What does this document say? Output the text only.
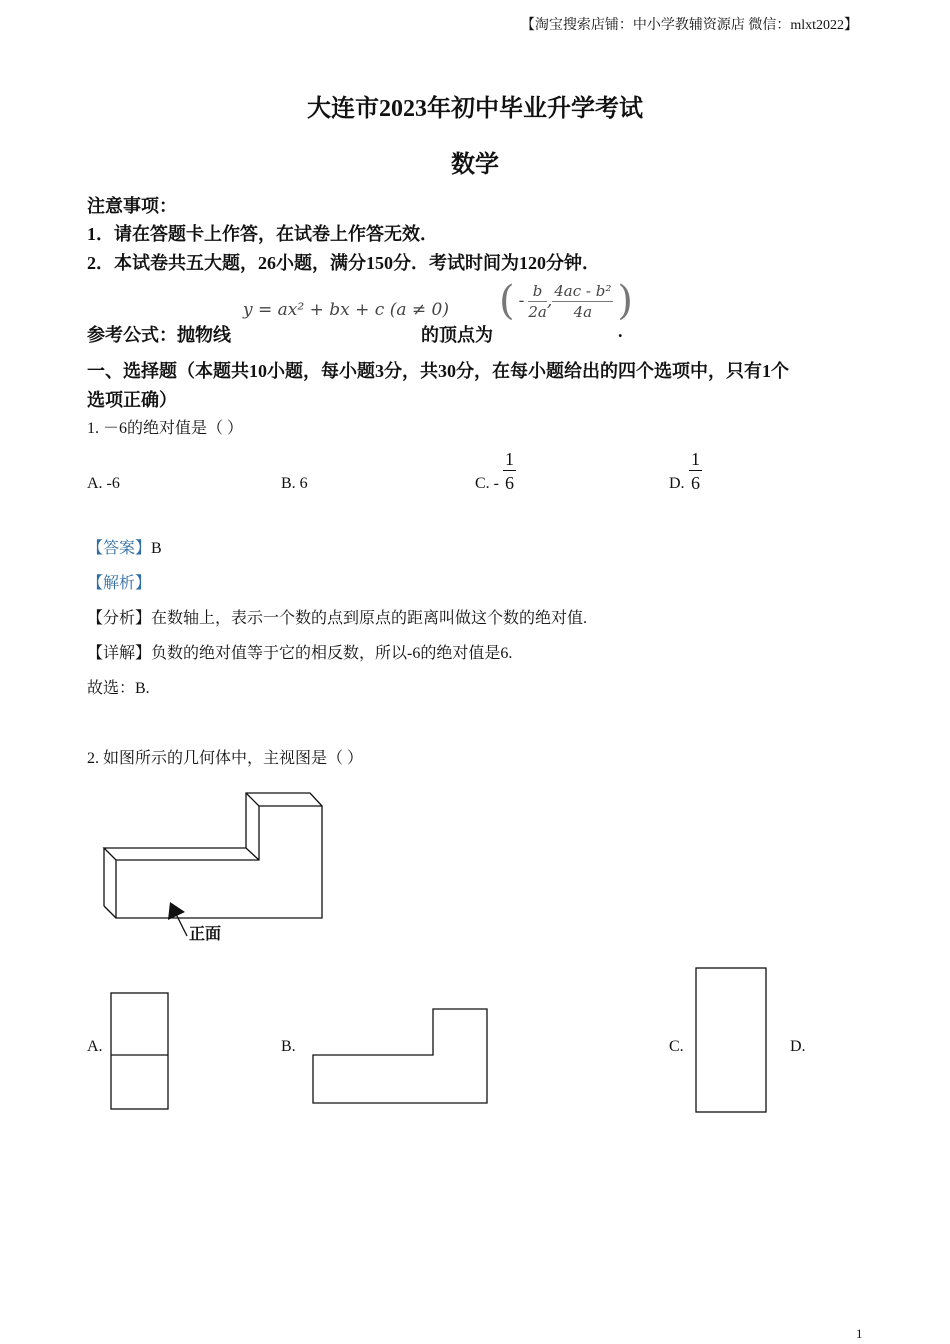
【淘宝搜索店铺：中小学教辅资源店 微信：mlxt2022】
大连市2023年初中毕业升学考试
数学
注意事项：
1．请在答题卡上作答，在试卷上作答无效．
2．本试卷共五大题，26小题，满分150分．考试时间为120分钟．
参考公式：抛物线
y = ax² + bx + c (a ≠ 0)
的顶点为
( - $\frac{b}{2a}$ , $\frac{\text{4ac - b²}}{4a}$ )
.
一、选择题（本题共10小题，每小题3分，共30分，在每小题给出的四个选项中，只有1个
选项正确）
1. －6的绝对值是（ ）
A. -6	B. 6	C. - $\frac{1}{6}$	D. $\frac{1}{6}$
【答案】B
【解析】
【分析】在数轴上，表示一个数的点到原点的距离叫做这个数的绝对值.
【详解】负数的绝对值等于它的相反数，所以-6的绝对值是6.
故选：B.
2. 如图所示的几何体中，主视图是（ ）
正面
A.	B.	C.	D.
1
